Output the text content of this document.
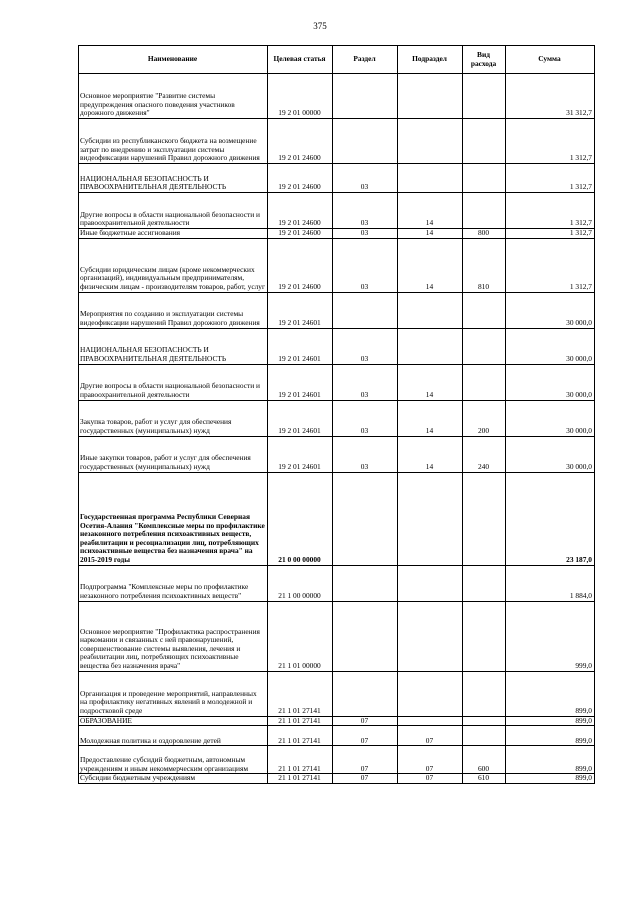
375
Наименование	Целевая статья	Раздел	Подраздел	Вид расхода	Сумма
Основное мероприятие "Развитие системы предупреждения опасного поведения участников дорожного движения"	19 2 01 00000				31 312,7
Субсидии из республиканского бюджета на возмещение затрат по внедрению и эксплуатации системы видеофиксации нарушений Правил дорожного движения	19 2 01 24600				1 312,7
НАЦИОНАЛЬНАЯ БЕЗОПАСНОСТЬ И ПРАВООХРАНИТЕЛЬНАЯ ДЕЯТЕЛЬНОСТЬ	19 2 01 24600	03			1 312,7
Другие вопросы в области национальной безопасности и правоохранительной деятельности	19 2 01 24600	03	14		1 312,7
Иные бюджетные ассигнования	19 2 01 24600	03	14	800	1 312,7
Субсидии юридическим лицам (кроме некоммерческих организаций), индивидуальным предпринимателям, физическим лицам - производителям товаров, работ, услуг	19 2 01 24600	03	14	810	1 312,7
Мероприятия по созданию и эксплуатации системы видеофиксации нарушений Правил дорожного движения	19 2 01 24601				30 000,0
НАЦИОНАЛЬНАЯ БЕЗОПАСНОСТЬ И ПРАВООХРАНИТЕЛЬНАЯ ДЕЯТЕЛЬНОСТЬ	19 2 01 24601	03			30 000,0
Другие вопросы в области национальной безопасности и правоохранительной деятельности	19 2 01 24601	03	14		30 000,0
Закупка товаров, работ и услуг для обеспечения государственных (муниципальных) нужд	19 2 01 24601	03	14	200	30 000,0
Иные закупки товаров, работ и услуг для обеспечения государственных (муниципальных) нужд	19 2 01 24601	03	14	240	30 000,0
Государственная программа Республики Северная Осетия-Алания "Комплексные меры по профилактике незаконного потребления психоактивных веществ, реабилитации и ресоциализации лиц, потребляющих психоактивные вещества без назначения врача" на 2015-2019 годы	21 0 00 00000				23 187,0
Подпрограмма "Комплексные меры по профилактике незаконного потребления психоактивных веществ"	21 1 00 00000				1 884,0
Основное мероприятие "Профилактика распространения наркомании и связанных с ней правонарушений, совершенствование системы выявления, лечения и реабилитации лиц, потребляющих психоактивные вещества без назначения врача"	21 1 01 00000				999,0
Организация и проведение мероприятий, направленных на профилактику негативных явлений в молодежной и подростковой среде	21 1 01 27141				899,0
ОБРАЗОВАНИЕ	21 1 01 27141	07			899,0
Молодежная политика и оздоровление детей	21 1 01 27141	07	07		899,0
Предоставление субсидий бюджетным, автономным учреждениям и иным некоммерческим организациям	21 1 01 27141	07	07	600	899,0
Субсидии бюджетным учреждениям	21 1 01 27141	07	07	610	899,0
